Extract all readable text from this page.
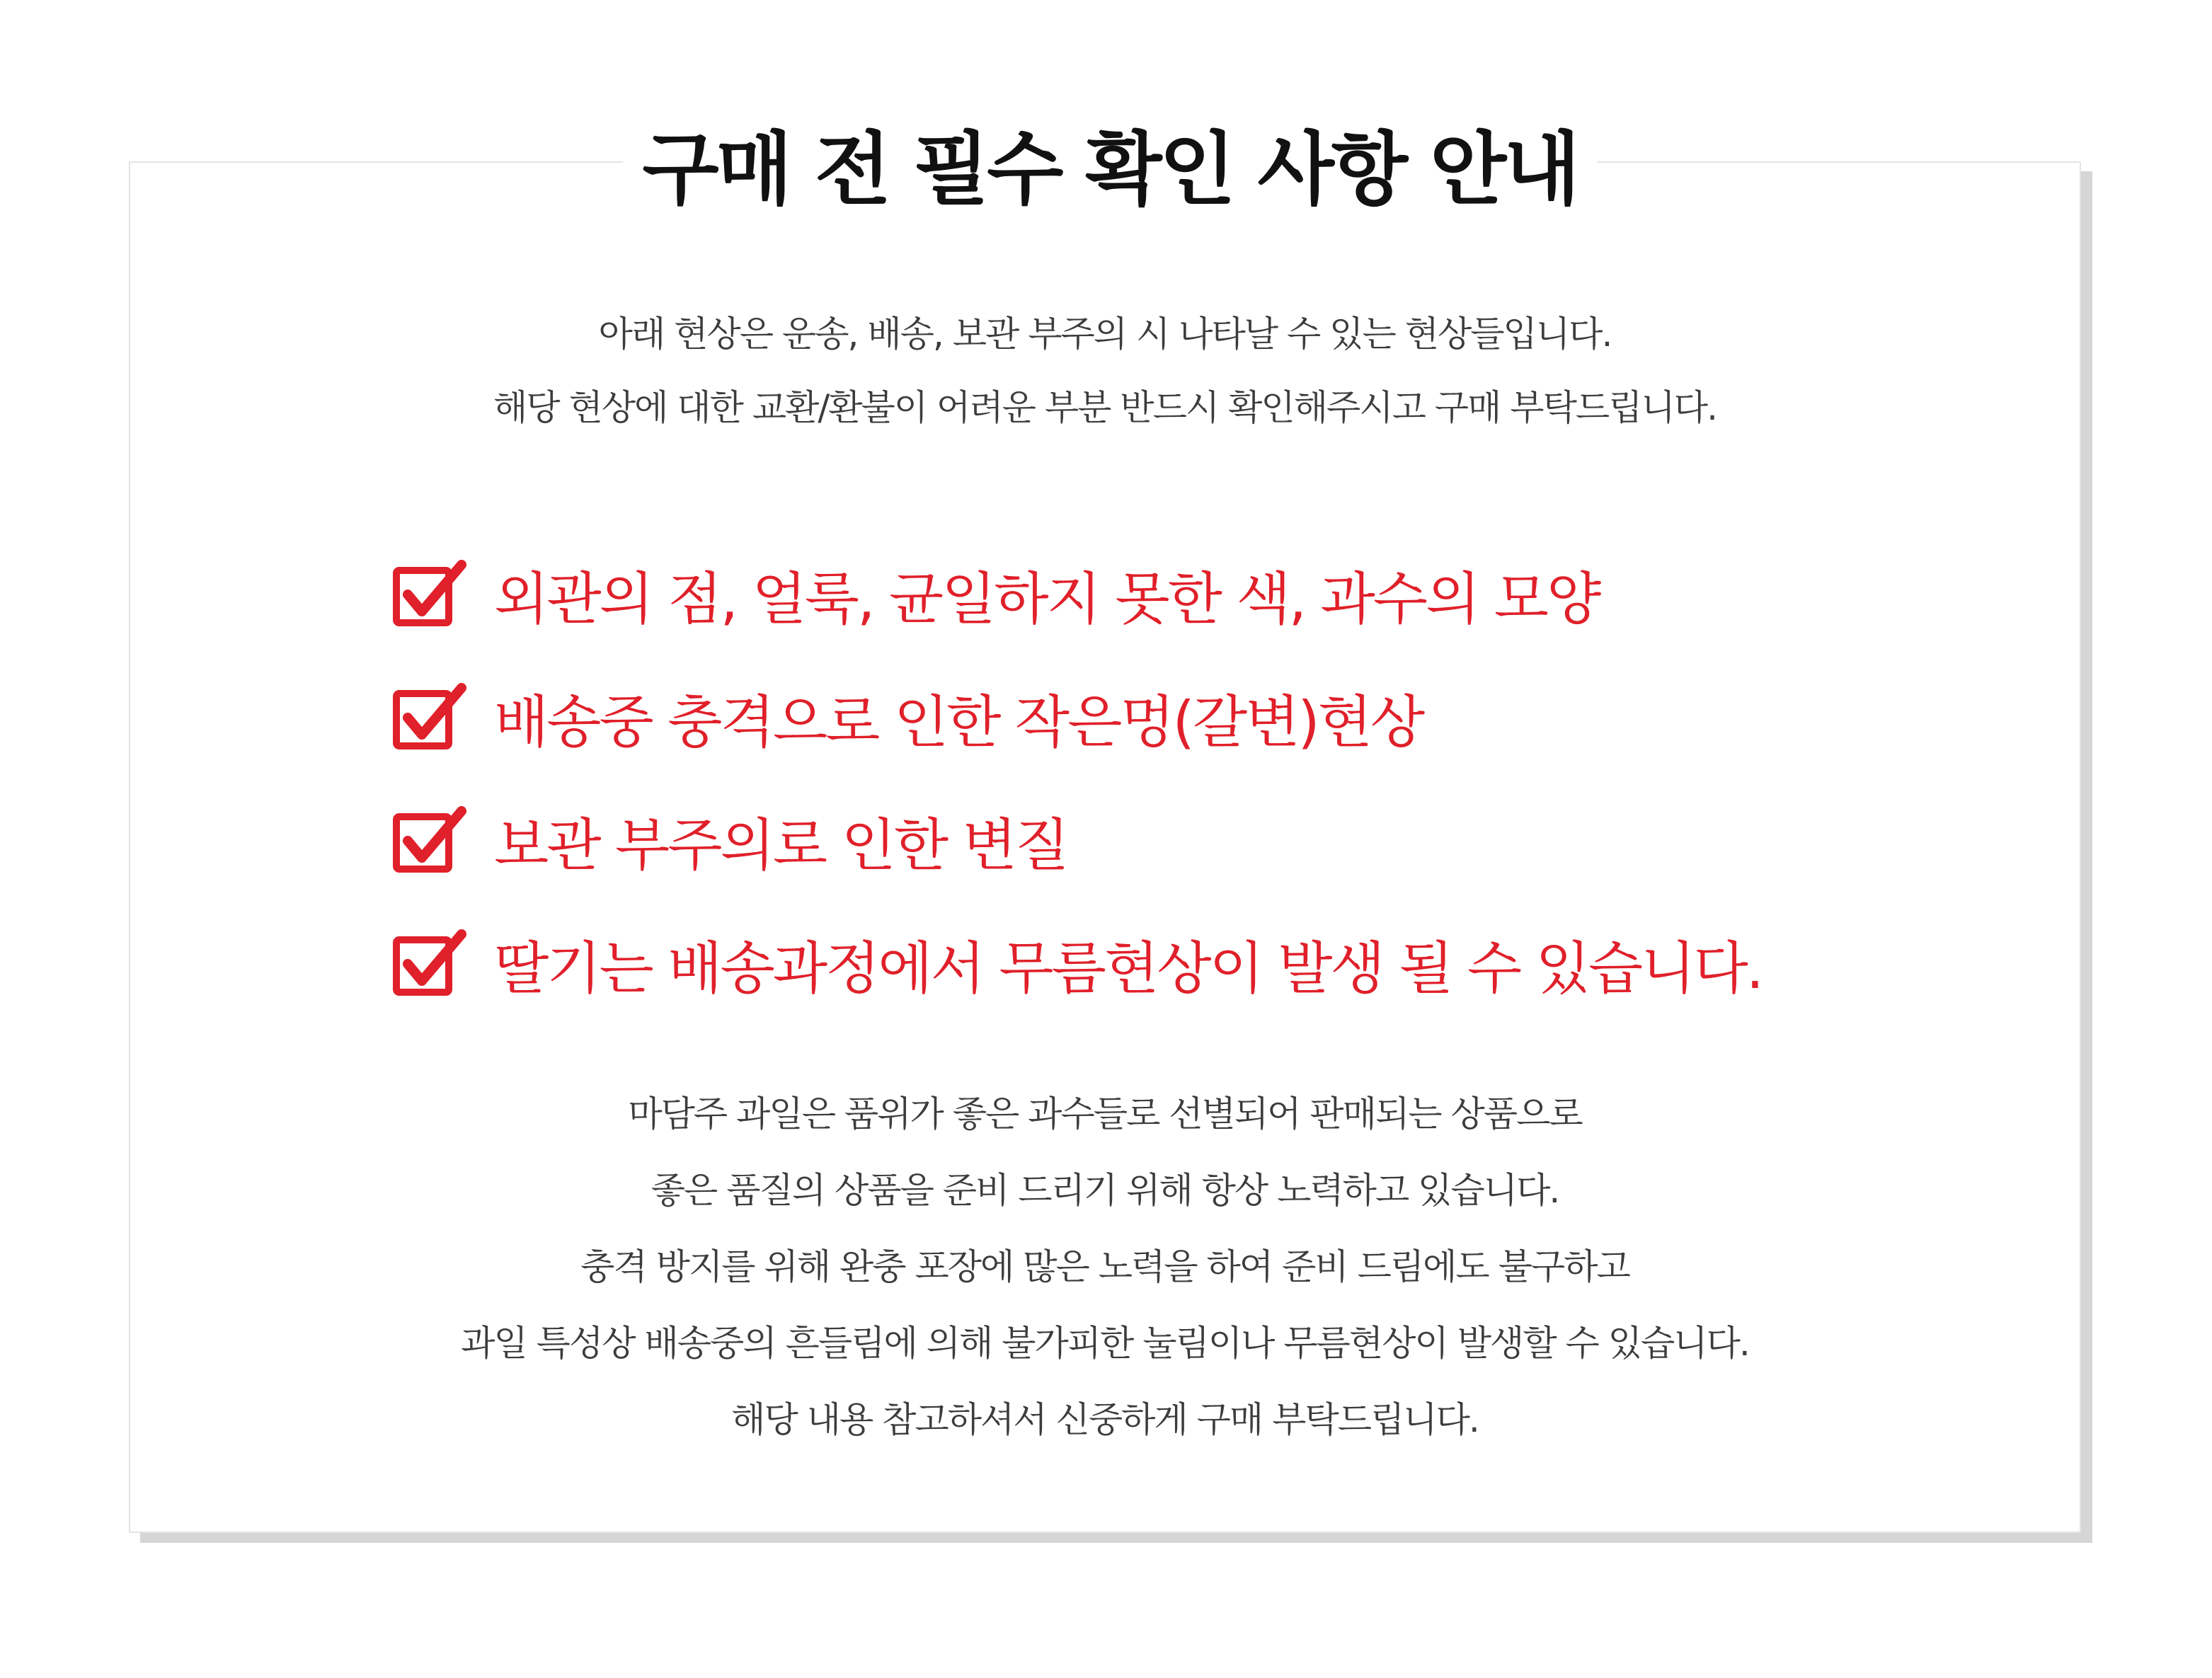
구매 전 필수 확인 사항 안내

아래 현상은 운송, 배송, 보관 부주의 시 나타날 수 있는 현상들입니다.

해당 현상에 대한 교환/환불이 어려운 부분 반드시 확인해주시고 구매 부탁드립니다.

외관의 점, 얼룩, 균일하지 못한 색, 과수의 모양
배송중 충격으로 인한 작은멍(갈변)현상
보관 부주의로 인한 변질
딸기는 배송과정에서 무름현상이 발생 될 수 있습니다.

마담주 과일은 품위가 좋은 과수들로 선별되어 판매되는 상품으로

좋은 품질의 상품을 준비 드리기 위해 항상 노력하고 있습니다.

충격 방지를 위해 완충 포장에 많은 노력을 하여 준비 드림에도 불구하고

과일 특성상 배송중의 흔들림에 의해 불가피한 눌림이나 무름현상이 발생할 수 있습니다.

해당 내용 참고하셔서 신중하게 구매 부탁드립니다.
